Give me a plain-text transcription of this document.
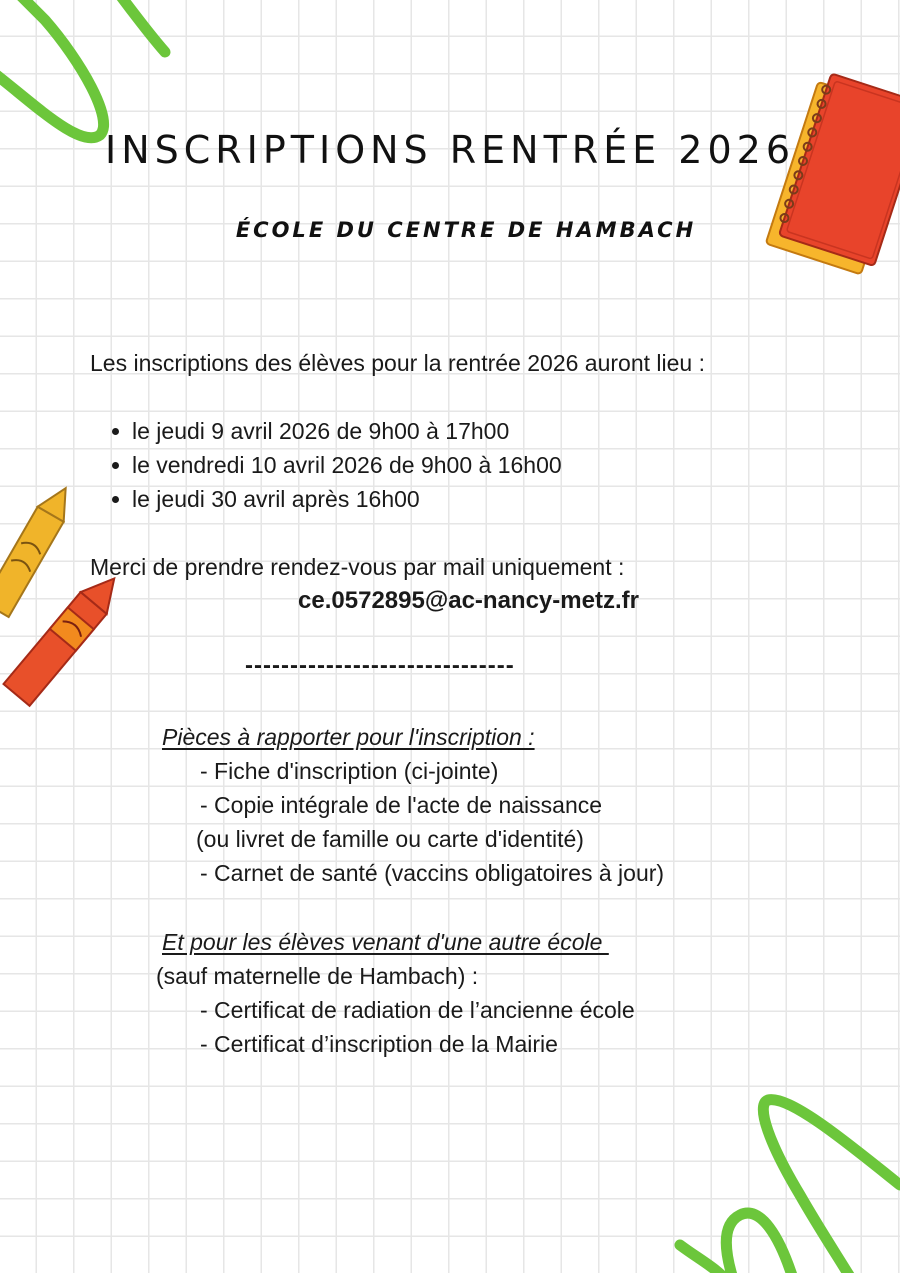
INSCRIPTIONS RENTRÉE 2026
ÉCOLE DU CENTRE DE HAMBACH

Les inscriptions des élèves pour la rentrée 2026 auront lieu :

le jeudi 9 avril 2026 de 9h00 à 17h00
le vendredi 10 avril 2026 de 9h00 à 16h00
le jeudi 30 avril après 16h00

Merci de prendre rendez-vous par mail uniquement :

ce.0572895@ac-nancy-metz.fr

------------------------------

Pièces à rapporter pour l'inscription :

- Fiche d'inscription (ci-jointe)

- Copie intégrale de l'acte de naissance

(ou livret de famille ou carte d'identité)

- Carnet de santé (vaccins obligatoires à jour)

Et pour les élèves venant d'une autre école

(sauf maternelle de Hambach) :

- Certificat de radiation de l’ancienne école

- Certificat d’inscription de la Mairie
